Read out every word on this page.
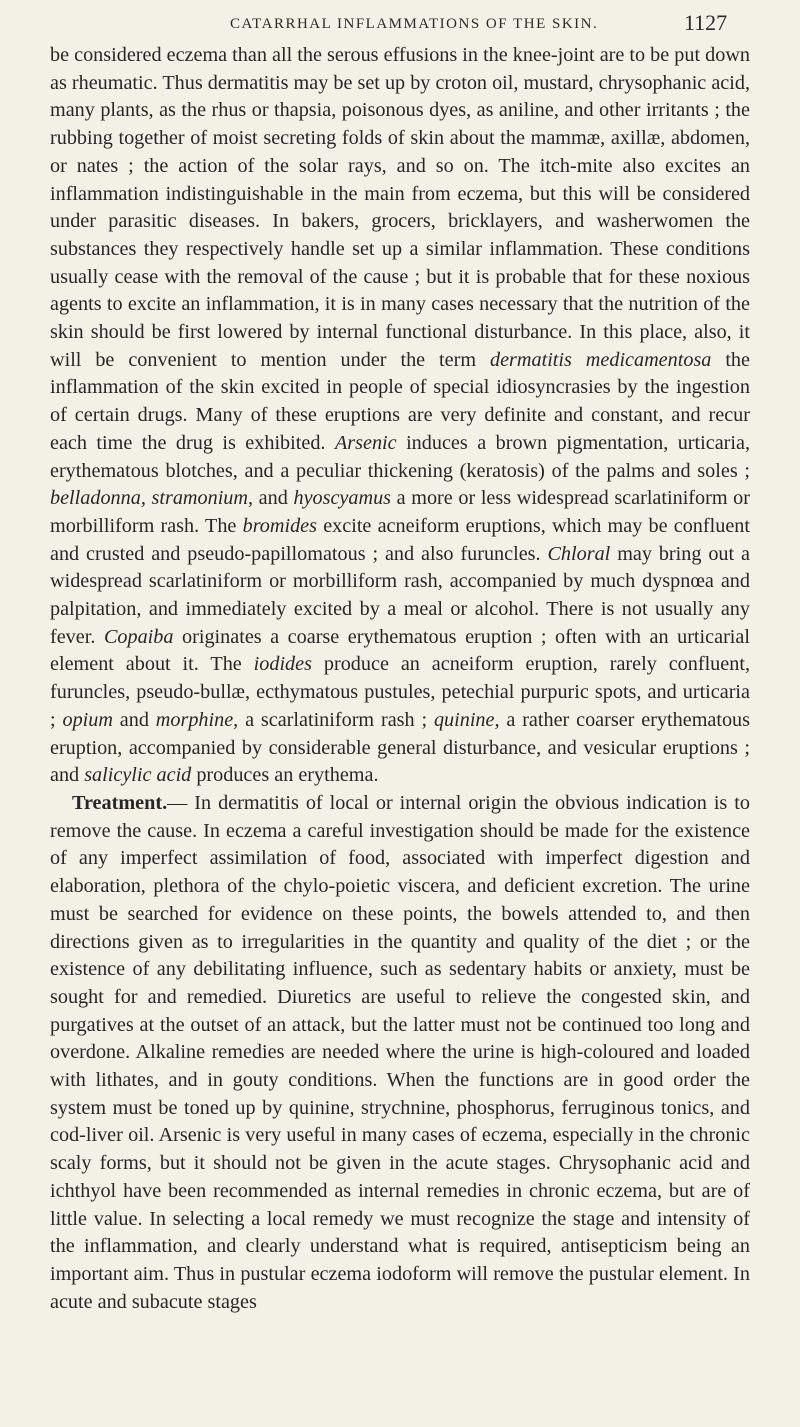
CATARRHAL INFLAMMATIONS OF THE SKIN.	1127

be considered eczema than all the serous effusions in the knee-joint are to be put down as rheumatic. Thus dermatitis may be set up by croton oil, mustard, chrysophanic acid, many plants, as the rhus or thapsia, poisonous dyes, as aniline, and other irritants ; the rubbing together of moist secreting folds of skin about the mammæ, axillæ, abdomen, or nates ; the action of the solar rays, and so on. The itch-mite also excites an inflammation indistinguishable in the main from eczema, but this will be considered under parasitic diseases. In bakers, grocers, bricklayers, and washerwomen the substances they respectively handle set up a similar inflammation. These conditions usually cease with the removal of the cause ; but it is probable that for these noxious agents to excite an inflammation, it is in many cases necessary that the nutrition of the skin should be first lowered by internal functional disturbance. In this place, also, it will be convenient to mention under the term dermatitis medicamentosa the inflammation of the skin excited in people of special idiosyncrasies by the ingestion of certain drugs. Many of these eruptions are very definite and constant, and recur each time the drug is exhibited. Arsenic induces a brown pigmentation, urticaria, erythematous blotches, and a peculiar thickening (keratosis) of the palms and soles ; belladonna, stramonium, and hyoscyamus a more or less widespread scarlatiniform or morbilliform rash. The bromides excite acneiform eruptions, which may be confluent and crusted and pseudo-papillomatous ; and also furuncles. Chloral may bring out a widespread scarlatiniform or morbilliform rash, accompanied by much dyspnœa and palpitation, and immediately excited by a meal or alcohol. There is not usually any fever. Copaiba originates a coarse erythematous eruption ; often with an urticarial element about it. The iodides produce an acneiform eruption, rarely confluent, furuncles, pseudo-bullæ, ecthymatous pustules, petechial purpuric spots, and urticaria ; opium and morphine, a scarlatiniform rash ; quinine, a rather coarser erythematous eruption, accompanied by considerable general disturbance, and vesicular eruptions ; and salicylic acid produces an erythema.

Treatment.— In dermatitis of local or internal origin the obvious indication is to remove the cause. In eczema a careful investigation should be made for the existence of any imperfect assimilation of food, associated with imperfect digestion and elaboration, plethora of the chylo-poietic viscera, and deficient excretion. The urine must be searched for evidence on these points, the bowels attended to, and then directions given as to irregularities in the quantity and quality of the diet ; or the existence of any debilitating influence, such as sedentary habits or anxiety, must be sought for and remedied. Diuretics are useful to relieve the congested skin, and purgatives at the outset of an attack, but the latter must not be continued too long and overdone. Alkaline remedies are needed where the urine is high-coloured and loaded with lithates, and in gouty conditions. When the functions are in good order the system must be toned up by quinine, strychnine, phosphorus, ferruginous tonics, and cod-liver oil. Arsenic is very useful in many cases of eczema, especially in the chronic scaly forms, but it should not be given in the acute stages. Chrysophanic acid and ichthyol have been recommended as internal remedies in chronic eczema, but are of little value. In selecting a local remedy we must recognize the stage and intensity of the inflammation, and clearly understand what is required, antisepticism being an important aim. Thus in pustular eczema iodoform will remove the pustular element. In acute and subacute stages
